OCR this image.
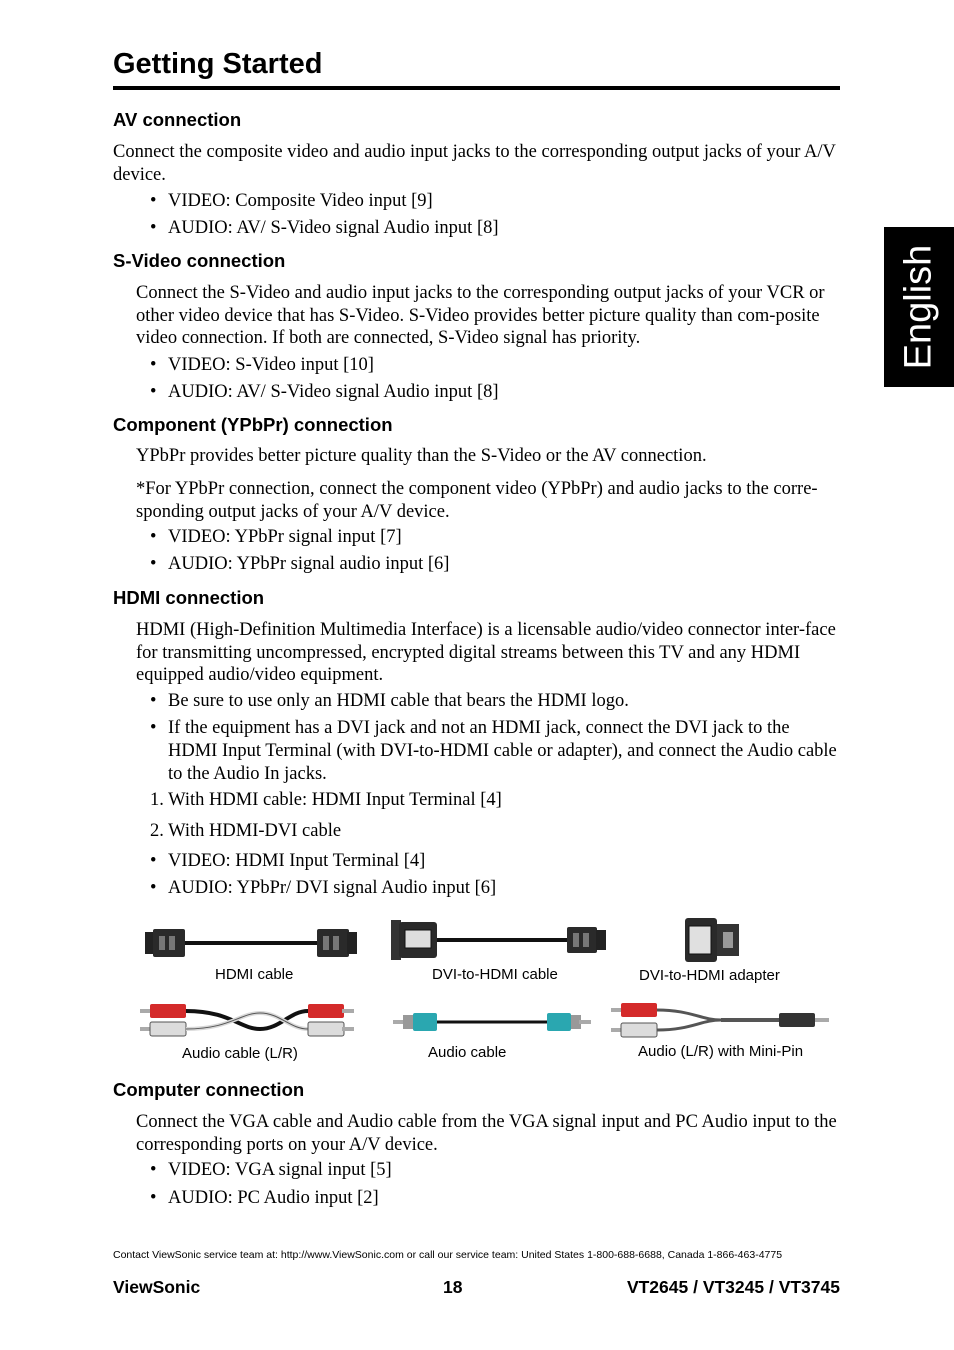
Getting Started
English
AV connection
Connect the composite video and audio input jacks to the corresponding output jacks of your A/V device.
• VIDEO: Composite Video input [9]
• AUDIO: AV/ S-Video signal Audio input [8]
S-Video connection
Connect the S-Video and audio input jacks to the corresponding output jacks of your VCR or other video device that has S-Video. S-Video provides better picture quality than com-posite video connection. If both are connected, S-Video signal has priority.
• VIDEO: S-Video input [10]
• AUDIO: AV/ S-Video signal Audio input [8]
Component (YPbPr) connection
YPbPr provides better picture quality than the S-Video or the AV connection.
*For YPbPr connection, connect the component video (YPbPr) and audio jacks to the corre-sponding output jacks of your A/V device.
• VIDEO: YPbPr signal input [7]
• AUDIO: YPbPr signal audio input [6]
HDMI connection
HDMI (High-Definition Multimedia Interface) is a licensable audio/video connector inter-face for transmitting uncompressed, encrypted digital streams between this TV and any HDMI equipped audio/video equipment.
• Be sure to use only an HDMI cable that bears the HDMI logo.
• If the equipment has a DVI jack and not an HDMI jack, connect the DVI jack to the HDMI Input Terminal (with DVI-to-HDMI cable or adapter), and connect the Audio cable to the Audio In jacks.
1. With HDMI cable: HDMI Input Terminal [4]
2. With HDMI-DVI cable
• VIDEO: HDMI Input Terminal [4]
• AUDIO: YPbPr/ DVI signal Audio input [6]
HDMI cable	DVI-to-HDMI cable	DVI-to-HDMI adapter
Audio cable (L/R)	Audio cable	Audio (L/R) with Mini-Pin
Computer connection
Connect the VGA cable and Audio cable from the VGA signal input and PC Audio input to the corresponding ports on your A/V device.
• VIDEO: VGA signal input [5]
• AUDIO: PC Audio input [2]
Contact ViewSonic service team at: http://www.ViewSonic.com or call our service team: United States 1-800-688-6688, Canada 1-866-463-4775
ViewSonic	18	VT2645 / VT3245 / VT3745
